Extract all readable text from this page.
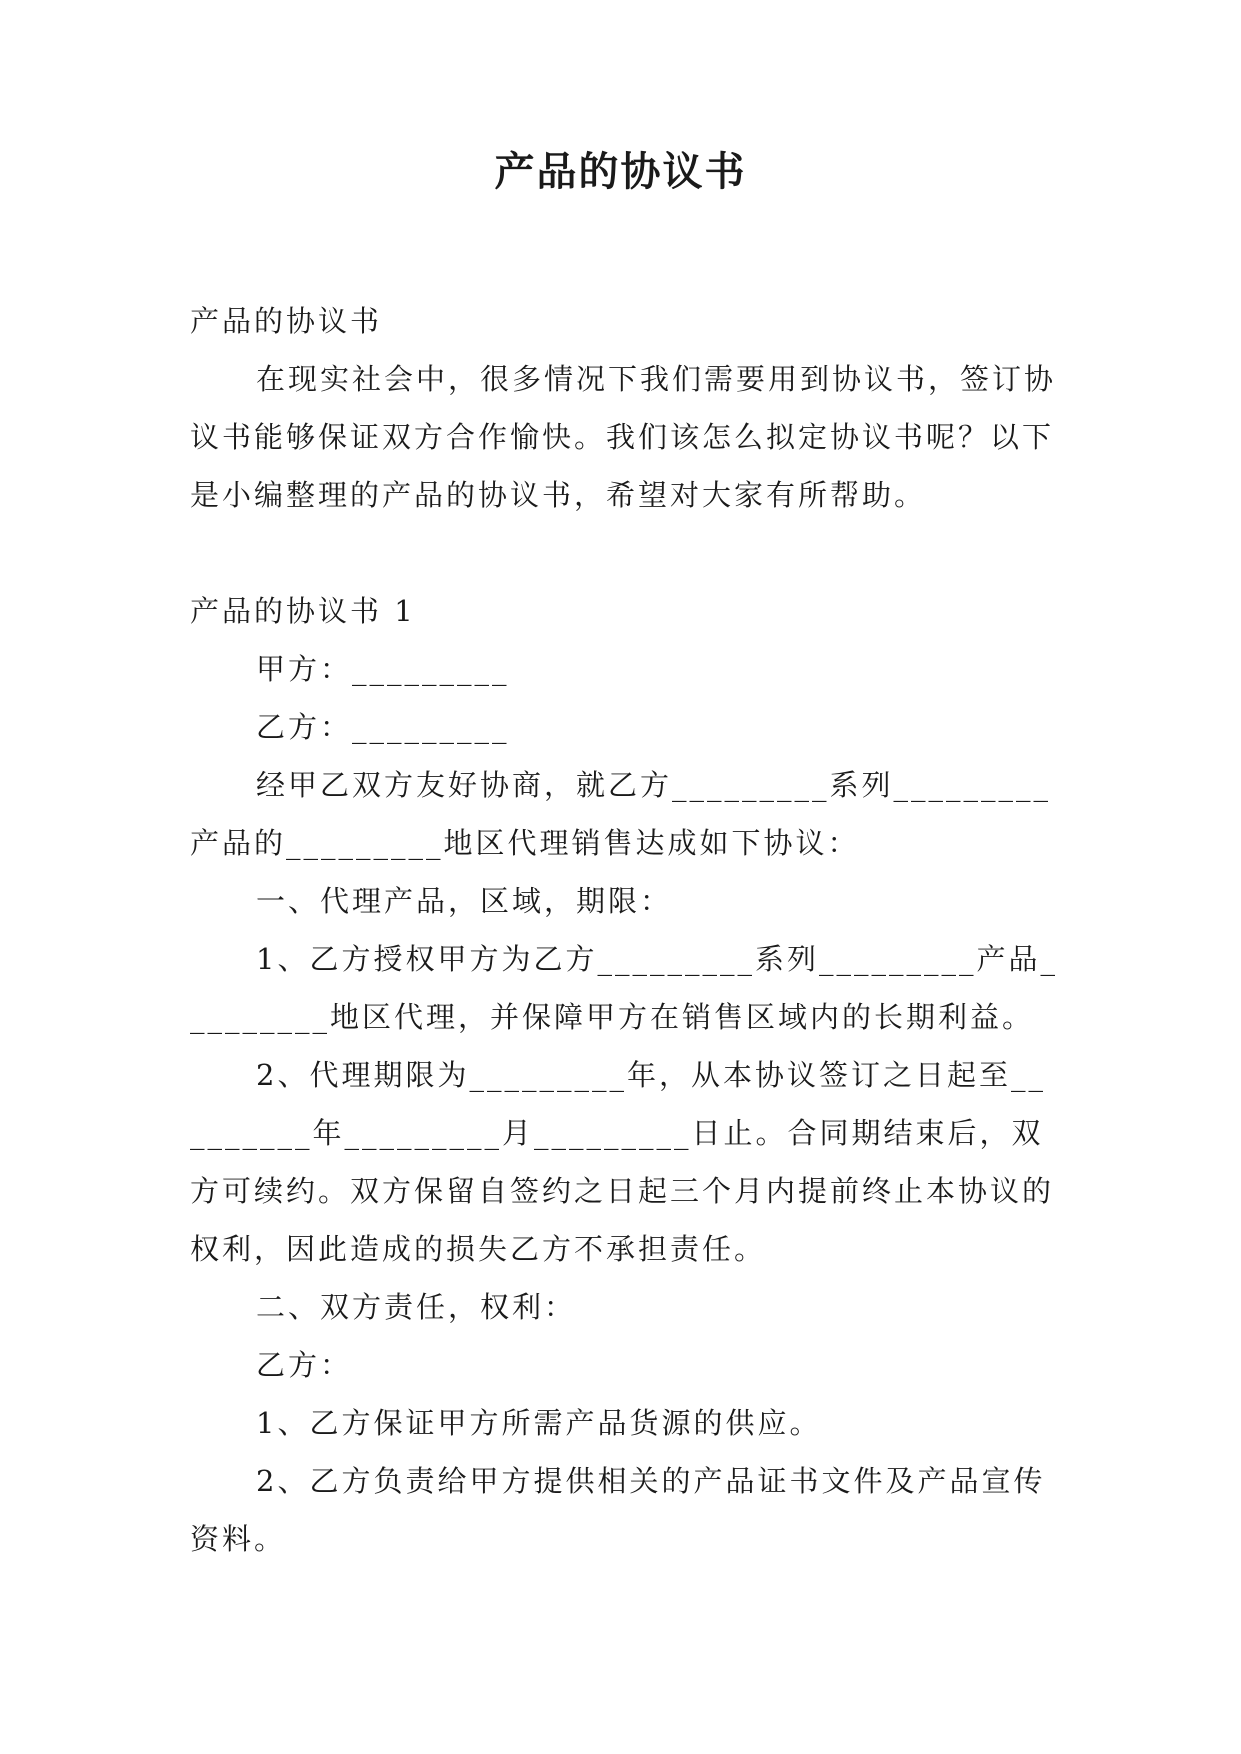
产品的协议书

产品的协议书

在现实社会中，很多情况下我们需要用到协议书，签订协议书能够保证双方合作愉快。我们该怎么拟定协议书呢？以下是小编整理的产品的协议书，希望对大家有所帮助。

产品的协议书 1

甲方：_________

乙方：_________

经甲乙双方友好协商，就乙方_________系列_________产品的_________地区代理销售达成如下协议：

一、代理产品，区域，期限：

1、乙方授权甲方为乙方_________系列_________产品_________地区代理，并保障甲方在销售区域内的长期利益。

2、代理期限为_________年，从本协议签订之日起至_________年_________月_________日止。合同期结束后，双方可续约。双方保留自签约之日起三个月内提前终止本协议的权利，因此造成的损失乙方不承担责任。

二、双方责任，权利：

乙方：

1、乙方保证甲方所需产品货源的供应。

2、乙方负责给甲方提供相关的产品证书文件及产品宣传资料。
